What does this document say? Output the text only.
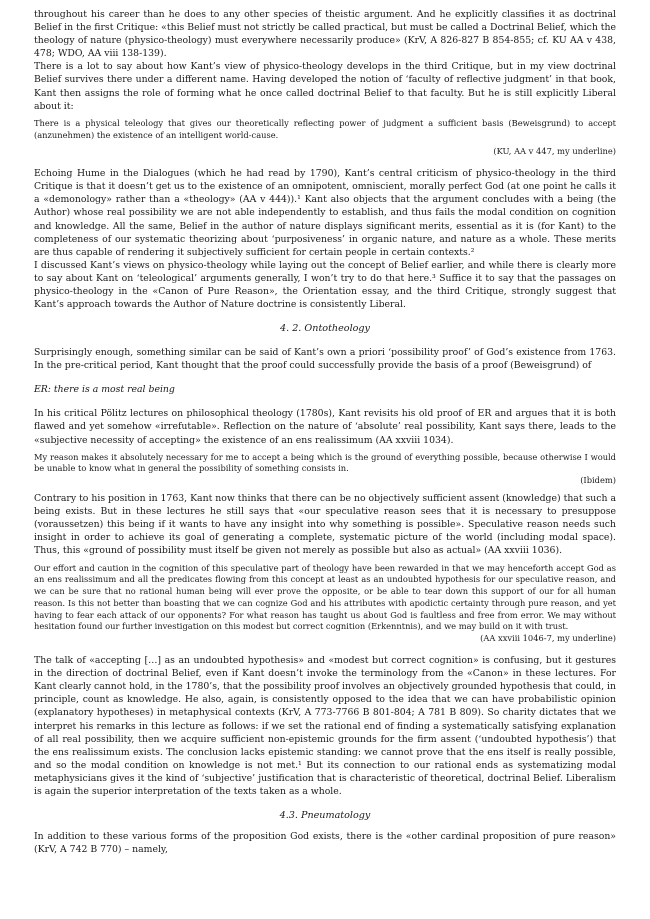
throughout his career than he does to any other species of theistic argument. And he explicitly classifies it as doctrinal Belief in the first Critique: «this Belief must not strictly be called practical, but must be called a Doctrinal Belief, which the theology of nature (physico-theology) must everywhere necessarily produce» (KrV, A 826-827 B 854-855; cf. KU AA v 438, 478; WDO, AA viii 138-139).

There is a lot to say about how Kant’s view of physico-theology develops in the third Critique, but in my view doctrinal Belief survives there under a different name. Having developed the notion of ‘faculty of reflective judgment’ in that book, Kant then assigns the role of forming what he once called doctrinal Belief to that faculty. But he is still explicitly Liberal about it:

There is a physical teleology that gives our theoretically reflecting power of judgment a sufficient basis (Beweisgrund) to accept (anzunehmen) the existence of an intelligent world-cause.

(KU, AA v 447, my underline)

Echoing Hume in the Dialogues (which he had read by 1790), Kant’s central criticism of physico-theology in the third Critique is that it doesn’t get us to the existence of an omnipotent, omniscient, morally perfect God (at one point he calls it a «demonology» rather than a «theology» (AA v 444)).¹ Kant also objects that the argument concludes with a being (the Author) whose real possibility we are not able independently to establish, and thus fails the modal condition on cognition and knowledge. All the same, Belief in the author of nature displays significant merits, essential as it is (for Kant) to the completeness of our systematic theorizing about ‘purposiveness’ in organic nature, and nature as a whole. These merits are thus capable of rendering it subjectively sufficient for certain people in certain contexts.²

I discussed Kant’s views on physico-theology while laying out the concept of Belief earlier, and while there is clearly more to say about Kant on ‘teleological’ arguments generally, I won’t try to do that here.³ Suffice it to say that the passages on physico-theology in the «Canon of Pure Reason», the Orientation essay, and the third Critique, strongly suggest that Kant’s approach towards the Author of Nature doctrine is consistently Liberal.

4. 2. Ontotheology

Surprisingly enough, something similar can be said of Kant’s own a priori ‘possibility proof’ of God’s existence from 1763. In the pre-critical period, Kant thought that the proof could successfully provide the basis of a proof (Beweisgrund) of

ER: there is a most real being

In his critical Pölitz lectures on philosophical theology (1780s), Kant revisits his old proof of ER and argues that it is both flawed and yet somehow «irrefutable». Reflection on the nature of ‘absolute’ real possibility, Kant says there, leads to the «subjective necessity of accepting» the existence of an ens realissimum (AA xxviii 1034).

My reason makes it absolutely necessary for me to accept a being which is the ground of everything possible, because otherwise I would be unable to know what in general the possibility of something consists in.

(Ibidem)

Contrary to his position in 1763, Kant now thinks that there can be no objectively sufficient assent (knowledge) that such a being exists. But in these lectures he still says that «our speculative reason sees that it is necessary to presuppose (voraussetzen) this being if it wants to have any insight into why something is possible». Speculative reason needs such insight in order to achieve its goal of generating a complete, systematic picture of the world (including modal space). Thus, this «ground of possibility must itself be given not merely as possible but also as actual» (AA xxviii 1036).

Our effort and caution in the cognition of this speculative part of theology have been rewarded in that we may henceforth accept God as an ens realissimum and all the predicates flowing from this concept at least as an undoubted hypothesis for our speculative reason, and we can be sure that no rational human being will ever prove the opposite, or be able to tear down this support of our for all human reason. Is this not better than boasting that we can cognize God and his attributes with apodictic certainty through pure reason, and yet having to fear each attack of our opponents? For what reason has taught us about God is faultless and free from error. We may without hesitation found our further investigation on this modest but correct cognition (Erkenntnis), and we may build on it with trust.

(AA xxviii 1046-7, my underline)

The talk of «accepting […] as an undoubted hypothesis» and «modest but correct cognition» is confusing, but it gestures in the direction of doctrinal Belief, even if Kant doesn’t invoke the terminology from the «Canon» in these lectures. For Kant clearly cannot hold, in the 1780’s, that the possibility proof involves an objectively grounded hypothesis that could, in principle, count as knowledge. He also, again, is consistently opposed to the idea that we can have probabilistic opinion (explanatory hypotheses) in metaphysical contexts (KrV, A 773-7766 B 801-804; A 781 B 809). So charity dictates that we interpret his remarks in this lecture as follows: if we set the rational end of finding a systematically satisfying explanation of all real possibility, then we acquire sufficient non-epistemic grounds for the firm assent (‘undoubted hypothesis’) that the ens realissimum exists. The conclusion lacks epistemic standing: we cannot prove that the ens itself is really possible, and so the modal condition on knowledge is not met.¹ But its connection to our rational ends as systematizing modal metaphysicians gives it the kind of ‘subjective’ justification that is characteristic of theoretical, doctrinal Belief. Liberalism is again the superior interpretation of the texts taken as a whole.

4.3. Pneumatology

In addition to these various forms of the proposition God exists, there is the «other cardinal proposition of pure reason» (KrV, A 742 B 770) – namely,
